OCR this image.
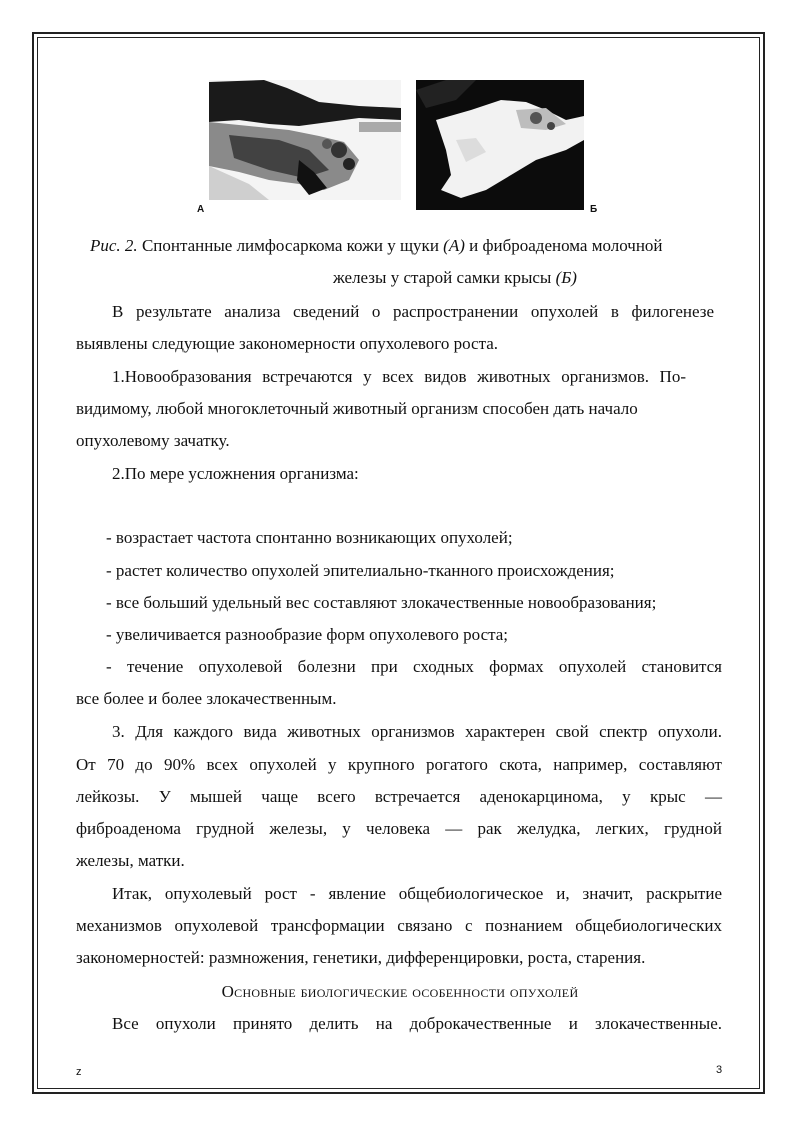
А	Б
Рис. 2. Спонтанные лимфосаркома кожи у щуки (А) и фиброаденома молочной
железы у старой самки крысы (Б)
В результате анализа сведений о распространении опухолей в филогенезе
выявлены следующие закономерности опухолевого роста.
1.Новообразования встречаются у всех видов животных организмов. По-
видимому, любой многоклеточный животный организм способен дать начало
опухолевому зачатку.
2.По мере усложнения организма:
- возрастает частота спонтанно возникающих опухолей;
- растет количество опухолей эпителиально-тканного происхождения;
- все больший удельный вес составляют злокачественные новообразования;
- увеличивается разнообразие форм опухолевого роста;
- течение опухолевой болезни при сходных формах опухолей становится
все более и более злокачественным.
3. Для каждого вида животных организмов характерен свой спектр опухоли.
От 70 до 90% всех опухолей у крупного рогатого скота, например, составляют
лейкозы. У мышей чаще всего встречается аденокарцинома, у крыс —
фиброаденома грудной железы, у человека — рак желудка, легких, грудной
железы, матки.
Итак, опухолевый рост - явление общебиологическое и, значит, раскрытие
механизмов опухолевой трансформации связано с познанием общебиологических
закономерностей: размножения, генетики, дифференцировки, роста, старения.
Основные биологические особенности опухолей
Все опухоли принято делить на доброкачественные и злокачественные.
z	3
